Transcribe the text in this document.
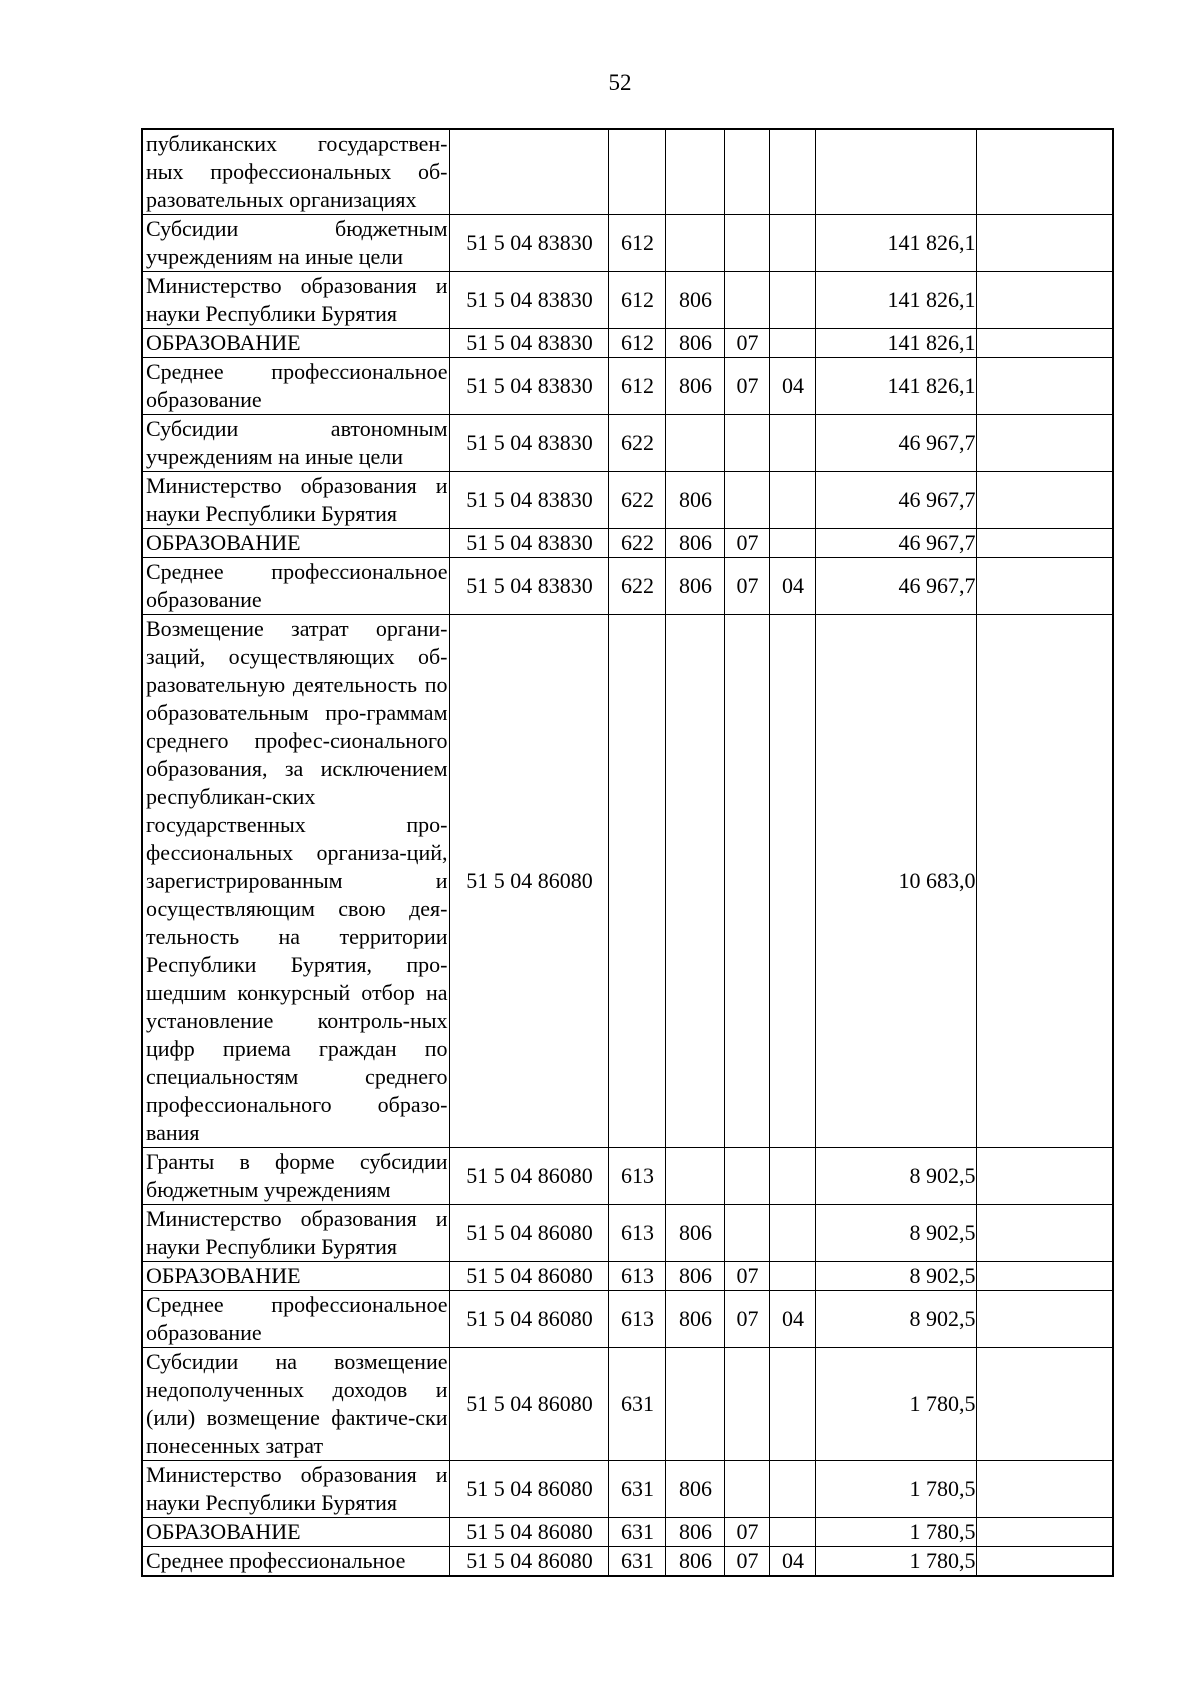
52
публиканских государствен-ных профессиональных об-разовательных организациях							
Субсидии бюджетным учреждениям на иные цели	51 5 04 83830	612				141 826,1	
Министерство образования и науки Республики Бурятия	51 5 04 83830	612	806			141 826,1	
ОБРАЗОВАНИЕ	51 5 04 83830	612	806	07		141 826,1	
Среднее профессиональное образование	51 5 04 83830	612	806	07	04	141 826,1	
Субсидии автономным учреждениям на иные цели	51 5 04 83830	622				46 967,7	
Министерство образования и науки Республики Бурятия	51 5 04 83830	622	806			46 967,7	
ОБРАЗОВАНИЕ	51 5 04 83830	622	806	07		46 967,7	
Среднее профессиональное образование	51 5 04 83830	622	806	07	04	46 967,7	
Возмещение затрат органи-заций, осуществляющих об-разовательную деятельность по образовательным про-граммам среднего профес-сионального образования, за исключением республикан-ских государственных про-фессиональных организа-ций, зарегистрированным и осуществляющим свою дея-тельность на территории Республики Бурятия, про-шедшим конкурсный отбор на установление контроль-ных цифр приема граждан по специальностям среднего профессионального образо-вания	51 5 04 86080					10 683,0	
Гранты в форме субсидии бюджетным учреждениям	51 5 04 86080	613				8 902,5	
Министерство образования и науки Республики Бурятия	51 5 04 86080	613	806			8 902,5	
ОБРАЗОВАНИЕ	51 5 04 86080	613	806	07		8 902,5	
Среднее профессиональное образование	51 5 04 86080	613	806	07	04	8 902,5	
Субсидии на возмещение недополученных доходов и (или) возмещение фактиче-ски понесенных затрат	51 5 04 86080	631				1 780,5	
Министерство образования и науки Республики Бурятия	51 5 04 86080	631	806			1 780,5	
ОБРАЗОВАНИЕ	51 5 04 86080	631	806	07		1 780,5	
Среднее профессиональное	51 5 04 86080	631	806	07	04	1 780,5	
